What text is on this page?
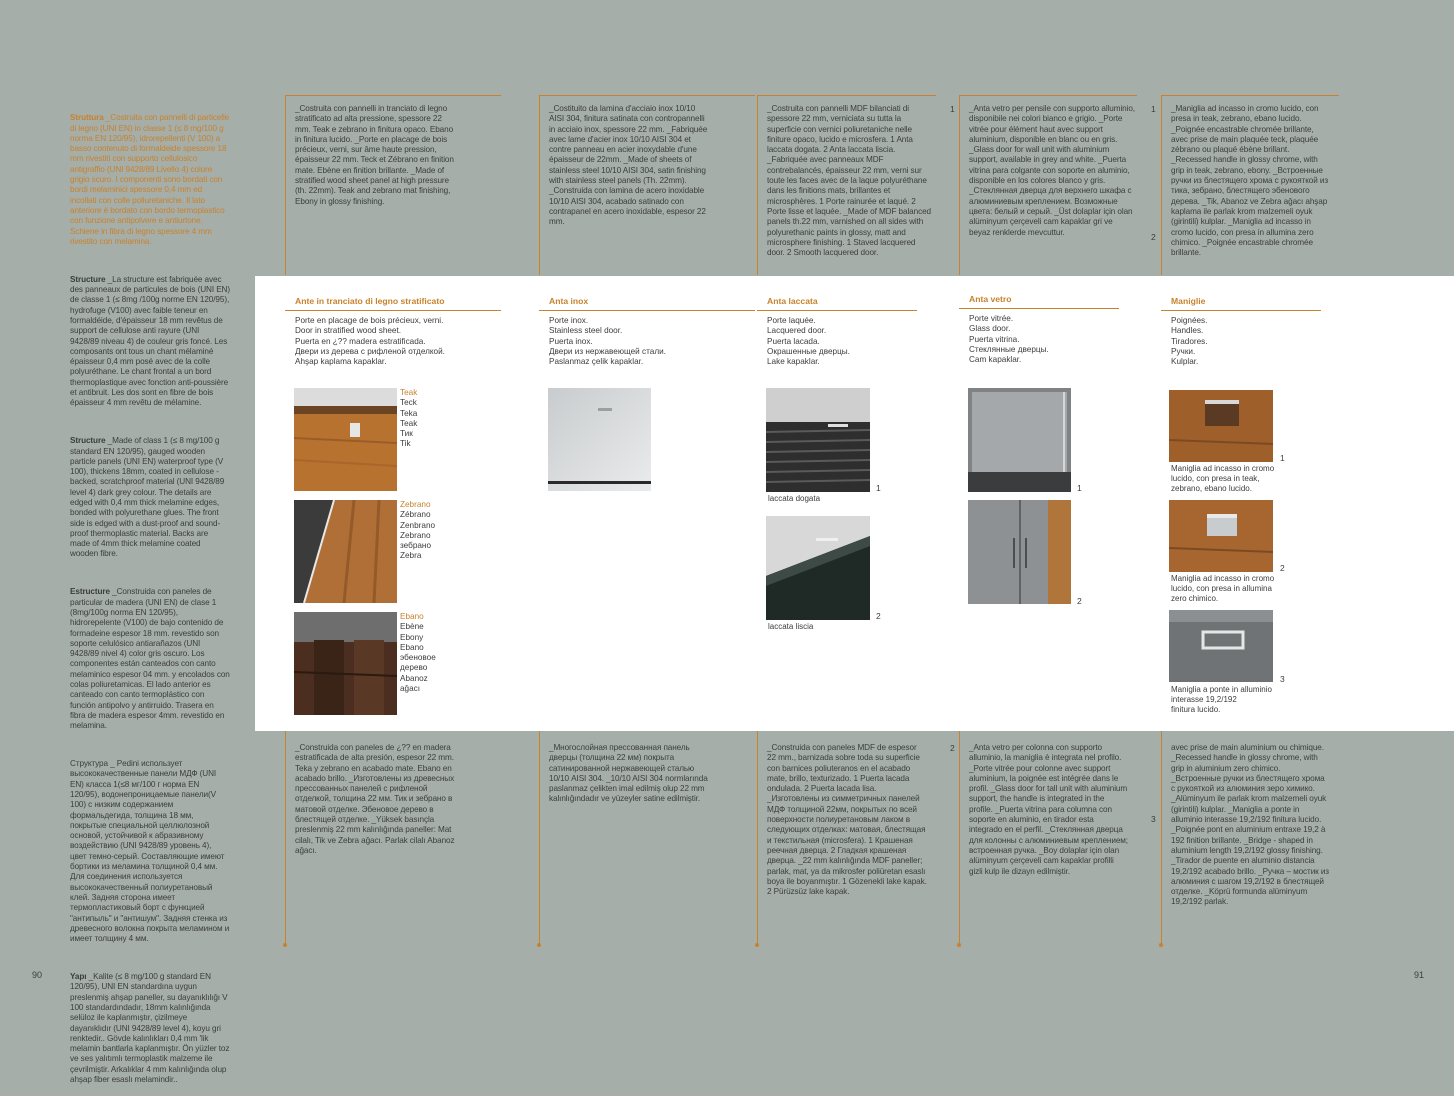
Struttura _Costruita con pannelli di particelle di legno (UNI EN) in classe 1 (≤ 8 mg/100 g norma EN 120/95), idrorepellenti (V 100) a basso contenuto di formaldeide spessore 18 mm rivestiti con supporto cellulosico antigraffio (UNI 9428/89 Livello 4) colore grigio scuro. I componenti sono bordati con bordi melaminici spessore 0,4 mm ed incollati con colle poliuretaniche. Il lato anteriore è bordato con bordo termoplastico con funzione antipolvere e antiurtone. Schiene in fibra di legno spessore 4 mm rivestito con melamina.

Structure _La structure est fabriquée avec des panneaux de particules de bois (UNI EN) de classe 1 (≤ 8mg /100g norme EN 120/95), hydrofuge (V100) avec faible teneur en formaldéide, d'épaisseur 18 mm revêtus de support de cellulose anti rayure (UNI 9428/89 niveau 4) de couleur gris foncé. Les composants ont tous un chant mélaminé épaisseur 0,4 mm posé avec de la colle polyuréthane. Le chant frontal a un bord thermoplastique avec fonction anti-poussière et antibruit. Les dos sont en fibre de bois épaisseur 4 mm revêtu de mélamine.

Structure _Made of class 1 (≤ 8 mg/100 g standard EN 120/95), gauged wooden particle panels (UNI EN) waterproof type (V 100), thickens 18mm, coated in cellulose -backed, scratchproof material (UNI 9428/89 level 4) dark grey colour. The details are edged with 0,4 mm thick melamine edges, bonded with polyurethane glues. The front side is edged with a dust-proof and sound-proof thermoplastic material. Backs are made of 4mm thick melamine coated wooden fibre.

Estructure _Construida con paneles de particular de madera (UNI EN) de clase 1 (8mg/100g norma EN 120/95), hidrorepelente (V100) de bajo contenido de formadeine espesor 18 mm. revestido son soporte celulósico antiarañazos (UNI 9428/89 nivel 4) color gris oscuro. Los componentes están canteados con canto melaminico espesor 04 mm. y encolados con colas poliuretamicas. El lado anterior es canteado con canto termoplástico con función antipolvo y antirruido. Trasera en fibra de madera espesor 4mm. revestido en melamina.

Структура _ Pedini использует высококачественные панели МДФ (UNI EN) класса 1(≤8 мг/100 г норма EN 120/95), водонепроницаемые панели(V 100) с низким содержанием формальдегида, толщина 18 мм, покрытые специальной целлюлозной основой, устойчивой к абразивному воздействию (UNI 9428/89 уровень 4), цвет темно-серый. Составляющие имеют бортики из меламина толщиной 0,4 мм. Для соединения используется высококачественный полиуретановый клей. Задняя сторона имеет термопластиковый борт с функцией "антипыль" и "антишум". Задняя стенка из древесного волокна покрыта меламином и имеет толщину 4 мм.

Yapı _Kalite (≤ 8 mg/100 g standard EN 120/95), UNI EN standardına uygun preslenmiş ahşap paneller, su dayanıklılığı V 100 standardındadır, 18mm kalınlığında selüloz ile kaplanmıştır, çizilmeye dayanıklıdır (UNI 9428/89 level 4), koyu gri renktedir.. Gövde kalınlıkları 0,4 mm 'lik melamin bantlarla kaplanmıştır. Ön yüzler toz ve ses yalıtımlı termoplastik malzeme ile çevrilmiştir. Arkalıklar 4 mm kalınlığında olup ahşap fiber esaslı melamindir..

_Costruita con pannelli in tranciato di legno stratificato ad alta pressione, spessore 22 mm. Teak e zebrano in finitura opaco. Ebano in finitura lucido. _Porte en placage de bois précieux, verni, sur âme haute pression, épaisseur 22 mm. Teck et Zébrano en finition mate. Ebène en finition brillante. _Made of stratified wood sheet panel at high pressure (th. 22mm). Teak and zebrano mat finishing, Ebony in glossy finishing.
_Costituito da lamina d'acciaio inox 10/10 AISI 304, finitura satinata con contropannelli in acciaio inox, spessore 22 mm. _Fabriquée avec lame d'acier inox 10/10 AISI 304 et contre panneau en acier inoxydable d'une épaisseur de 22mm. _Made of sheets of stainless steel 10/10 AISI 304, satin finishing with stainless steel panels (Th. 22mm). _Construida con lamina de acero inoxidable 10/10 AISI 304, acabado satinado con contrapanel en acero inoxidable, espesor 22 mm.
_Costruita con pannelli MDF bilanciati di spessore 22 mm, verniciata su tutta la superficie con vernici poliuretaniche nelle finiture opaco, lucido e microsfera. 1 Anta laccata dogata. 2 Anta laccata liscia. _Fabriquée avec panneaux MDF contrebalancés, épaisseur 22 mm, verni sur toute les faces avec de la laque polyuréthane dans les finitions mats, brillantes et microsphères. 1 Porte rainurée et laqué. 2 Porte lisse et laquée. _Made of MDF balanced panels th.22 mm, varnished on all sides with polyurethanic paints in glossy, matt and microsphere finishing. 1 Staved lacquered door. 2 Smooth lacquered door.
1 _Anta vetro per pensile con supporto alluminio, disponibile nei colori bianco e grigio. _Porte vitrée pour élément haut avec support aluminium, disponible en blanc ou en gris. _Glass door for wall unit with aluminium support, available in grey and white. _Puerta vitrina para colgante con soporte en aluminio, disponible en los colores blanco y gris. _Стеклянная дверца для верхнего шкафа с алюминиевым креплением. Возможные цвета: белый и серый. _Üst dolaplar için olan alüminyum çerçeveli cam kapaklar gri ve beyaz renklerde mevcuttur.
1
2
_Maniglia ad incasso in cromo lucido, con presa in teak, zebrano, ebano lucido. _Poignée encastrable chromée brillante, avec prise de main plaquée teck, plaquée zébrano ou plaqué ébène brillant. _Recessed handle in glossy chrome, with grip in teak, zebrano, ebony. _Встроенные ручки из блестящего хрома с рукояткой из тика, зебрано, блестящего эбенового дерева. _Tik, Abanoz ve Zebra ağacı ahşap kaplama ile parlak krom malzemeli oyuk (girintili) kulplar. _Maniglia ad incasso in cromo lucido, con presa in allumina zero chimico. _Poignée encastrable chromée brillante.
Ante in tranciato di legno stratificato
Porte en placage de bois précieux, verni.
Door in stratified wood sheet.
Puerta en ¿?? madera estratificada.
Двери из дерева с рифленой отделкой.
Ahşap kaplama kapaklar.
Teak
Teck
Teka
Teak
Тик
Tik
Zebrano
Zébrano
Zenbrano
Zebrano
зебрано
Zebra
Ebano
Ebène
Ebony
Ebano
эбеновое
дерево
Abanoz
ağacı
Anta inox
Porte inox.
Stainless steel door.
Puerta inox.
Двери из нержавеющей стали.
Paslanmaz çelik kapaklar.
Anta laccata
Porte laquée.
Lacquered door.
Puerta lacada.
Окрашенные дверцы.
Lake kapaklar.
laccata dogata
1
laccata liscia
2
Anta vetro
Porte vitrée.
Glass door.
Puerta vitrina.
Стеклянные дверцы.
Cam kapaklar.
1
2
Maniglie
Poignées.
Handles.
Tiradores.
Ручки.
Kulplar.
Maniglia ad incasso in cromo
lucido, con presa in teak,
zebrano, ebano lucido.
1
Maniglia ad incasso in cromo
lucido, con presa in allumina
zero chimico.
2
Maniglia a ponte in alluminio
interasse 19,2/192
finitura lucido.
3
_Construida con paneles de ¿?? en madera estratificada de alta presión, espesor 22 mm. Teka y zebrano en acabado mate. Ebano en acabado brillo. _Изготовлены из древесных прессованных панелей с рифленой отделкой, толщина 22 мм. Тик и зебрано в матовой отделке. Эбеновое дерево в блестящей отделке. _Yüksek basınçla preslenmiş 22 mm kalınlığında paneller: Mat cilalı, Tik ve Zebra ağacı. Parlak cilalı Abanoz ağacı.
_Многослойная прессованная панель дверцы (толщина 22 мм) покрыта сатинированной нержавеющей сталью 10/10 AISI 304. _10/10 AISI 304 normlarında paslanmaz çelikten imal edilmiş olup 22 mm kalınlığındadır ve yüzeyler satine edilmiştir.
_Construida con paneles MDF de espesor 22 mm., barnizada sobre toda su superficie con barnices poliuteranos en el acabado mate, brillo, texturizado. 1 Puerta lacada ondulada. 2 Puerta lacada lisa. _Изготовлены из симметричных панелей МДФ толщиной 22мм, покрытых по всей поверхности полиуретановым лаком в следующих отделках: матовая, блестящая и текстильная (microsfera). 1 Крашеная реечная дверца. 2 Гладкая крашеная дверца. _22 mm kalınlığında MDF paneller; parlak, mat, ya da mikrosfer poliüretan esaslı boya ile boyanmıştır. 1 Gözenekli lake kapak. 2 Pürüzsüz lake kapak.
2 _Anta vetro per colonna con supporto alluminio, la maniglia è integrata nel profilo. _Porte vitrée pour colonne avec support aluminium, la poignée est intégrée dans le profil. _Glass door for tall unit with aluminium support, the handle is integrated in the profile. _Puerta vitrina para columna con soporte en aluminio, en tirador esta integrado en el perfil. _Стеклянная дверца для колонны с алюминиевым креплением; встроенная ручка. _Boy dolaplar için olan alüminyum çerçeveli cam kapaklar profilli gizli kulp ile dizayn edilmiştir.
3
avec prise de main aluminium ou chimique. _Recessed handle in glossy chrome, with grip in aluminium zero chimico. _Встроенные ручки из блестящего хрома с рукояткой из алюминия зеро химико. _Alüminyum ile parlak krom malzemeli oyuk (girintili) kulplar. _Maniglia a ponte in alluminio interasse 19,2/192 finitura lucido. _Poignée pont en aluminium entraxe 19,2 à 192 finition brillante. _Bridge - shaped in aluminium length 19,2/192 glossy finishing. _Tirador de puente en aluminio distancia 19,2/192 acabado brillo. _Ручка – мостик из алюминия с шагом 19,2/192 в блестящей отделке. _Köprü formunda alüminyum 19,2/192 parlak.
90	91
